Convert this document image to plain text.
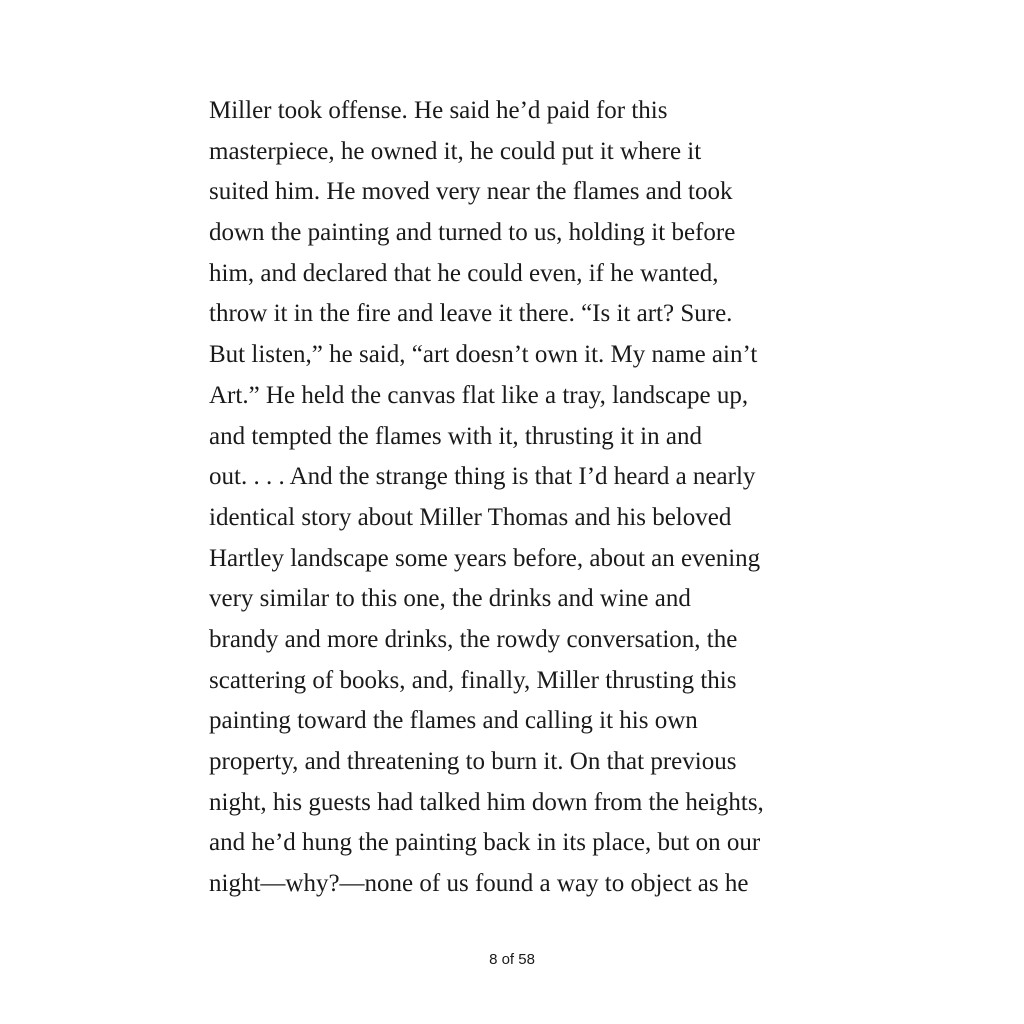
Miller took offense. He said he’d paid for this
masterpiece, he owned it, he could put it where it
suited him. He moved very near the flames and took
down the painting and turned to us, holding it before
him, and declared that he could even, if he wanted,
throw it in the fire and leave it there. “Is it art? Sure.
But listen,” he said, “art doesn’t own it. My name ain’t
Art.” He held the canvas flat like a tray, landscape up,
and tempted the flames with it, thrusting it in and
out. . . . And the strange thing is that I’d heard a nearly
identical story about Miller Thomas and his beloved
Hartley landscape some years before, about an evening
very similar to this one, the drinks and wine and
brandy and more drinks, the rowdy conversation, the
scattering of books, and, finally, Miller thrusting this
painting toward the flames and calling it his own
property, and threatening to burn it. On that previous
night, his guests had talked him down from the heights,
and he’d hung the painting back in its place, but on our
night—why?—none of us found a way to object as he
8 of 58
